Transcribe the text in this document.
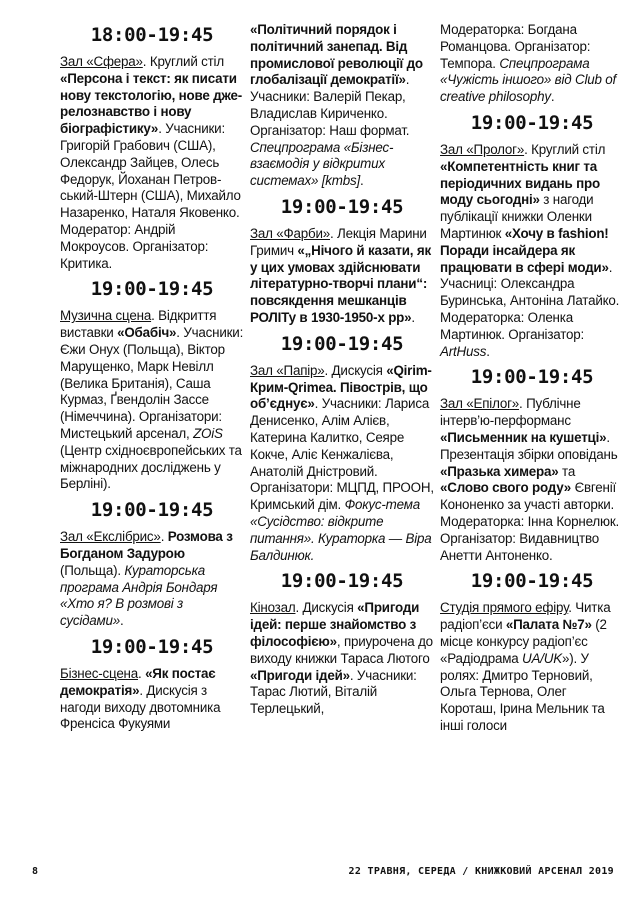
18:00-19:45

Зал «Сфера». Круглий стіл «Персона і текст: як писати нову текстологію, нове джерелознавство і нову біографістику». Учасники: Григорій Грабович (США), Олександр Зайцев, Олесь Федорук, Йоханан Петровський-Штерн (США), Михайло Назаренко, Наталя Яковенко. Модератор: Андрій Мокроусов. Організатор: Критика.

19:00-19:45

Музична сцена. Відкриття виставки «Обабіч». Учасники: Єжи Онух (Польща), Віктор Марущенко, Марк Невілл (Велика Британія), Саша Курмаз, Ґвендолін Зассе (Німеччина). Організатори: Мистецький арсенал, ZOiS (Центр східноєвропейських та міжнародних досліджень у Берліні).

19:00-19:45

Зал «Екслібрис». Розмова з Богданом Задурою (Польща). Кураторська програма Андрія Бондаря «Хто я? В розмові з сусідами».

19:00-19:45

Бізнес-сцена. «Як постає демократія». Дискусія з нагоди виходу двотомника Френсіса Фукуями

«Політичний порядок і політичний занепад. Від промислової революції до глобалізації демократії». Учасники: Валерій Пекар, Владислав Кириченко. Організатор: Наш формат. Спецпрограма «Бізнес-взаємодія у відкритих системах» [kmbs].

19:00-19:45

Зал «Фарби». Лекція Марини Гримич «„Нічого й казати, як у цих умовах здійснювати літературно-творчі плани“: повсякдення мешканців РОЛІТу в 1930-1950-х рр».

19:00-19:45

Зал «Папір». Дискусія «Qirim-Крим-Qrimea. Півострів, що об’єднує». Учасники: Лариса Денисенко, Алім Алієв, Катерина Калитко, Сеяре Кокче, Аліє Кенжалієва, Анатолій Дністровий. Організатори: МЦПД, ПРООН, Кримський дім. Фокус-тема «Сусідство: відкрите питання». Кураторка — Віра Балдинюк.

19:00-19:45

Кінозал. Дискусія «Пригоди ідей: перше знайомство з філософією», приурочена до виходу книжки Тараса Лютого «Пригоди ідей». Учасники: Тарас Лютий, Віталій Терлецький,

Модераторка: Богдана Романцова. Організатор: Темпора. Спецпрограма «Чужість іншого» від Club of creative philosophy.

19:00-19:45

Зал «Пролог». Круглий стіл «Компетентність книг та періодичних видань про моду сьогодні» з нагоди публікації книжки Оленки Мартинюк «Хочу в fashion! Поради інсайдера як працювати в сфері моди». Учасниці: Олександра Буринська, Антоніна Латайко. Модераторка: Оленка Мартинюк. Організатор: ArtHuss.

19:00-19:45

Зал «Епілог». Публічне інтерв’ю-перформанс «Письменник на кушетці». Презентація збірки оповідань «Празька химера» та «Слово свого роду» Євгенії Кононенко за участі авторки. Модераторка: Інна Корнелюк. Організатор: Видавництво Анетти Антоненко.

19:00-19:45

Студія прямого ефіру. Читка радіоп’єси «Палата №7» (2 місце конкурсу радіоп’єс «Радіодрама UA/UK»). У ролях: Дмитро Терновий, Ольга Тернова, Олег Короташ, Ірина Мельник та інші голоси

8	22 ТРАВНЯ, СЕРЕДА / КНИЖКОВИЙ АРСЕНАЛ 2019
